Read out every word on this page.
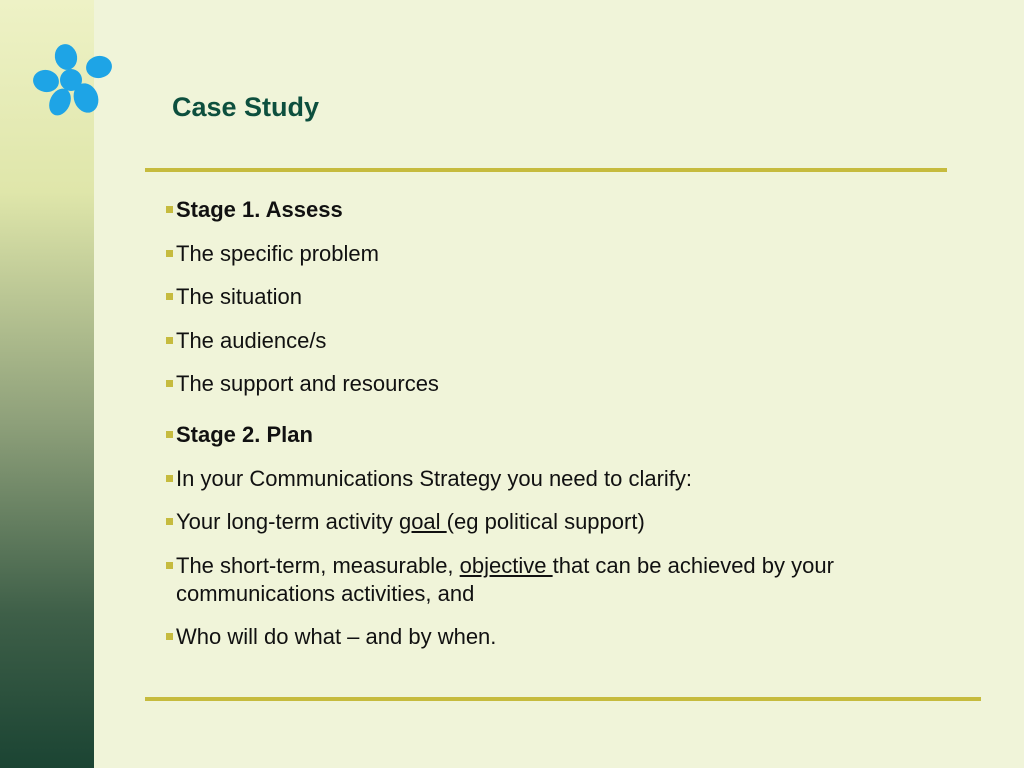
Case Study
Stage 1. Assess
The specific problem
The situation
The audience/s
The support and resources
Stage 2. Plan
In your Communications Strategy you need to clarify:
Your long-term activity goal (eg political support)
The short-term, measurable, objective that can be achieved by your communications activities, and
Who will do what – and by when.
